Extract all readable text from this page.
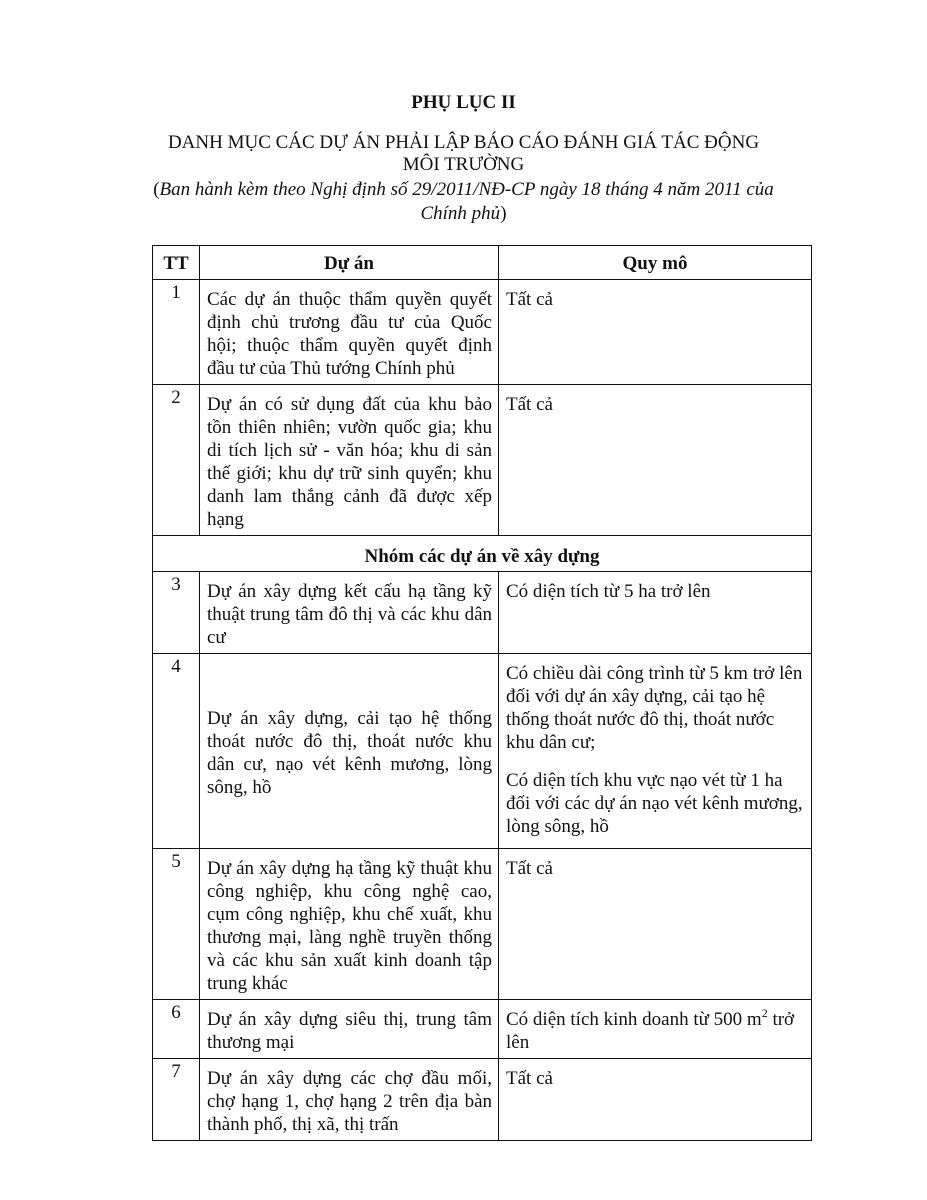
PHỤ LỤC II
DANH MỤC CÁC DỰ ÁN PHẢI LẬP BÁO CÁO ĐÁNH GIÁ TÁC ĐỘNG MÔI TRƯỜNG
(Ban hành kèm theo Nghị định số 29/2011/NĐ-CP ngày 18 tháng 4 năm 2011 của Chính phủ)
TT	Dự án	Quy mô
1	Các dự án thuộc thẩm quyền quyết định chủ trương đầu tư của Quốc hội; thuộc thẩm quyền quyết định đầu tư của Thủ tướng Chính phủ	Tất cả
2	Dự án có sử dụng đất của khu bảo tồn thiên nhiên; vườn quốc gia; khu di tích lịch sử - văn hóa; khu di sản thế giới; khu dự trữ sinh quyển; khu danh lam thắng cảnh đã được xếp hạng	Tất cả
Nhóm các dự án về xây dựng		
3	Dự án xây dựng kết cấu hạ tầng kỹ thuật trung tâm đô thị và các khu dân cư	Có diện tích từ 5 ha trở lên
4	Dự án xây dựng, cải tạo hệ thống thoát nước đô thị, thoát nước khu dân cư, nạo vét kênh mương, lòng sông, hồ	Có chiều dài công trình từ 5 km trở lên đối với dự án xây dựng, cải tạo hệ thống thoát nước đô thị, thoát nước khu dân cư;

Có diện tích khu vực nạo vét từ 1 ha đối với các dự án nạo vét kênh mương, lòng sông, hồ

5	Dự án xây dựng hạ tầng kỹ thuật khu công nghiệp, khu công nghệ cao, cụm công nghiệp, khu chế xuất, khu thương mại, làng nghề truyền thống và các khu sản xuất kinh doanh tập trung khác	Tất cả
6	Dự án xây dựng siêu thị, trung tâm thương mại	Có diện tích kinh doanh từ 500 $m^2$ trở lên
7	Dự án xây dựng các chợ đầu mối, chợ hạng 1, chợ hạng 2 trên địa bàn thành phố, thị xã, thị trấn	Tất cả
